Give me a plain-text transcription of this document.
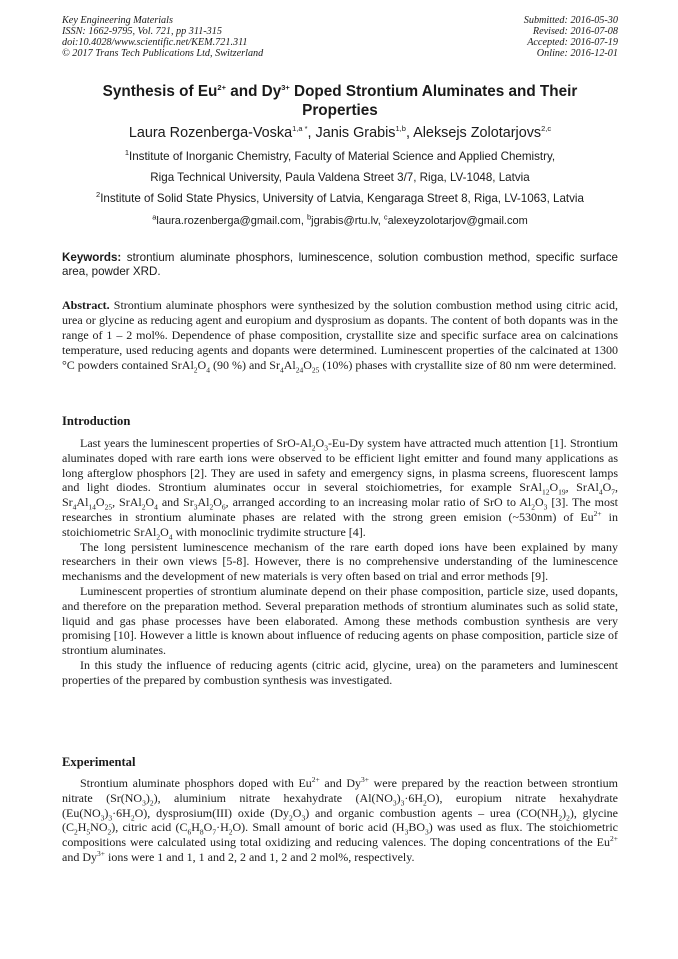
Key Engineering Materials
ISSN: 1662-9795, Vol. 721, pp 311-315
doi:10.4028/www.scientific.net/KEM.721.311
© 2017 Trans Tech Publications Ltd, Switzerland
Submitted: 2016-05-30
Revised: 2016-07-08
Accepted: 2016-07-19
Online: 2016-12-01
Synthesis of $Eu^{2+}$ and $Dy^{3+}$ Doped Strontium Aluminates and Their Properties
Laura Rozenberga-Voska$^{1,a *}$, Janis Grabis$^{1,b}$, Aleksejs Zolotarjovs$^{2,c}$
$^1$Institute of Inorganic Chemistry, Faculty of Material Science and Applied Chemistry,
Riga Technical University, Paula Valdena Street 3/7, Riga, LV-1048, Latvia
$^2$Institute of Solid State Physics, University of Latvia, Kengaraga Street 8, Riga, LV-1063, Latvia
$^a$laura.rozenberga@gmail.com, $^b$jgrabis@rtu.lv, $^c$alexeyzolotarjov@gmail.com
Keywords: strontium aluminate phosphors, luminescence, solution combustion method, specific surface area, powder XRD.
Abstract. Strontium aluminate phosphors were synthesized by the solution combustion method using citric acid, urea or glycine as reducing agent and europium and dysprosium as dopants. The content of both dopants was in the range of 1 – 2 mol%. Dependence of phase composition, crystallite size and specific surface area on calcinations temperature, used reducing agents and dopants were determined. Luminescent properties of the calcinated at 1300 °C powders contained $SrAl_2O_4$ (90 %) and $Sr_4Al_{24}O_{25}$ (10%) phases with crystallite size of 80 nm were determined.
Introduction

Last years the luminescent properties of SrO-$Al_2O_3-Eu-Dy$ system have attracted much attention [1]. Strontium aluminates doped with rare earth ions were observed to be efficient light emitter and found many applications as long afterglow phosphors [2]. They are used in safety and emergency signs, in plasma screens, fluorescent lamps and light diodes. Strontium aluminates occur in several stoichiometries, for example $SrAl_{12}O_{19}$, $SrAl_4O_7$, $Sr_4Al_{14}O_{25}$, $SrAl_2O_4$ and $Sr_3Al_2O_6$, arranged according to an increasing molar ratio of SrO to $Al_2O_3$ [3]. The most researches in strontium aluminate phases are related with the strong green emision (~530nm) of $Eu^{2+}$ in stoichiometric $SrAl_2O_4$ with monoclinic trydimite structure [4].

The long persistent luminescence mechanism of the rare earth doped ions have been explained by many researchers in their own views [5-8]. However, there is no comprehensive understanding of the luminescence mechanisms and the development of new materials is very often based on trial and error methods [9].

Luminescent properties of strontium aluminate depend on their phase composition, particle size, used dopants, and therefore on the preparation method. Several preparation methods of strontium aluminates such as solid state, liquid and gas phase processes have been elaborated. Among these methods combustion synthesis are very promising [10]. However a little is known about influence of reducing agents on phase composition, particle size of strontium aluminates.

In this study the influence of reducing agents (citric acid, glycine, urea) on the parameters and luminescent properties of the prepared by combustion synthesis was investigated.

Experimental

Strontium aluminate phosphors doped with $Eu^{2+}$ and $Dy^{3+}$ were prepared by the reaction between strontium nitrate $(Sr(NO_3)_2)$, aluminium nitrate hexahydrate $(Al(NO_3)_3\cdot 6H_2O)$, europium nitrate hexahydrate $(Eu(NO_3)_3\cdot 6H_2O)$, dysprosium(III) oxide $(Dy_2O_3)$ and organic combustion agents – urea $(CO(NH_2)_2)$, glycine $(C_2H_5NO_2)$, citric acid $(C_6H_8O_7\cdot H_2O)$. Small amount of boric acid $(H_3BO_3)$ was used as flux. The stoichiometric compositions were calculated using total oxidizing and reducing valences. The doping concentrations of the $Eu^{2+}$ and $Dy^{3+}$ ions were 1 and 1, 1 and 2, 2 and 1, 2 and 2 mol%, respectively.
